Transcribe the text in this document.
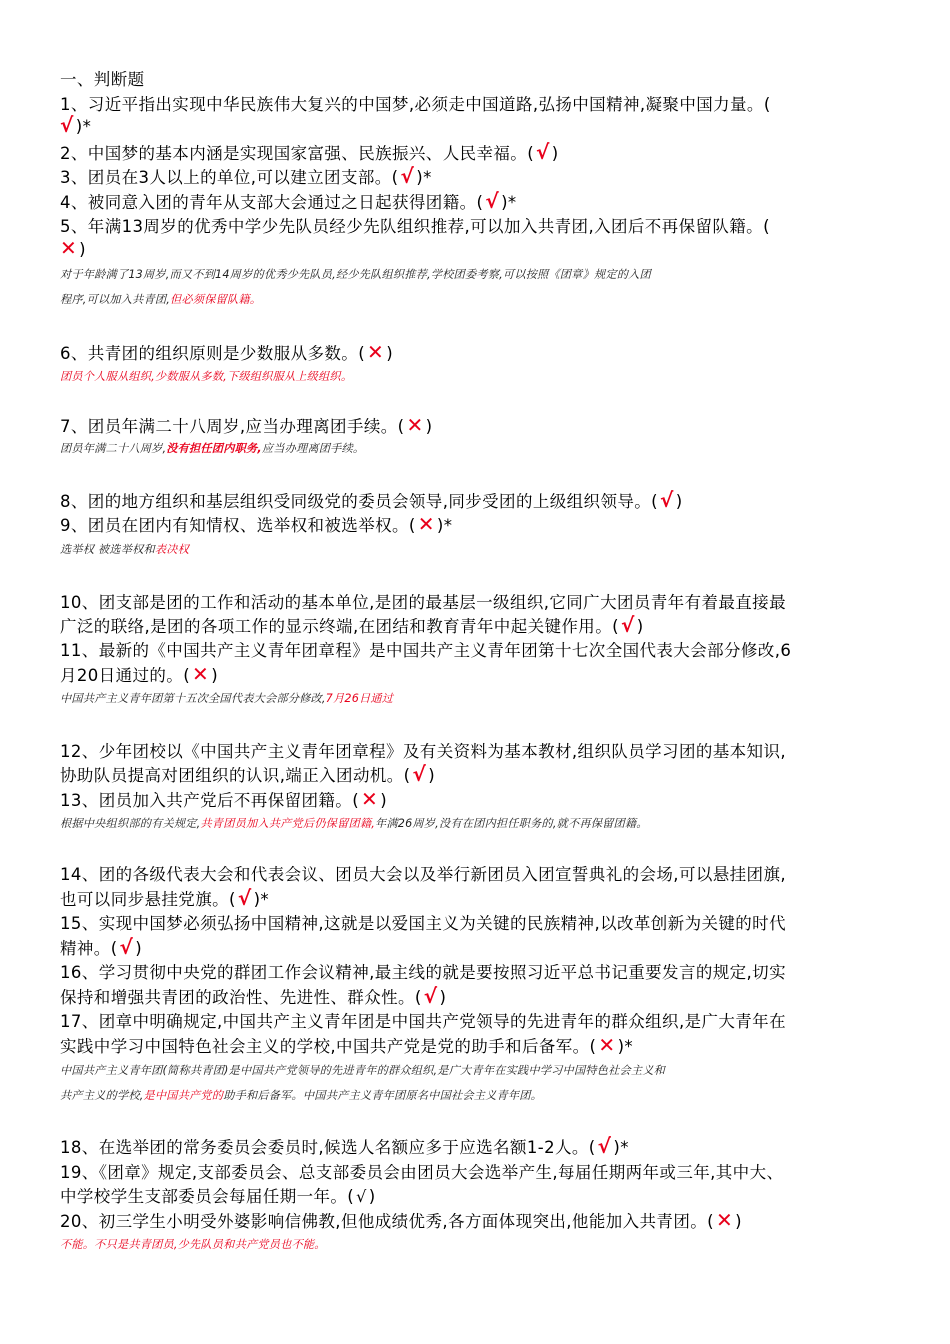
一、判断题
1、习近平指出实现中华民族伟大复兴的中国梦,必须走中国道路,弘扬中国精神,凝聚中国力量。(
√ )*
2、中国梦的基本内涵是实现国家富强、民族振兴、人民幸福。( √ )
3、团员在3人以上的单位,可以建立团支部。( √ )*
4、被同意入团的青年从支部大会通过之日起获得团籍。( √ )*
5、年满13周岁的优秀中学少先队员经少先队组织推荐,可以加入共青团,入团后不再保留队籍。(
✕ )
对于年龄满了13周岁,而又不到14周岁的优秀少先队员,经少先队组织推荐,学校团委考察,可以按照《团章》规定的入团
程序,可以加入共青团,但必须保留队籍。
6、共青团的组织原则是少数服从多数。( ✕ )
团员个人服从组织,少数服从多数,下级组织服从上级组织。
7、团员年满二十八周岁,应当办理离团手续。( ✕ )
团员年满二十八周岁,没有担任团内职务,应当办理离团手续。
8、团的地方组织和基层组织受同级党的委员会领导,同步受团的上级组织领导。( √ )
9、团员在团内有知情权、选举权和被选举权。( ✕ )*
选举权 被选举权和表决权
10、团支部是团的工作和活动的基本单位,是团的最基层一级组织,它同广大团员青年有着最直接最
广泛的联络,是团的各项工作的显示终端,在团结和教育青年中起关键作用。( √ )
11、最新的《中国共产主义青年团章程》是中国共产主义青年团第十七次全国代表大会部分修改,6
月20日通过的。( ✕ )
中国共产主义青年团第十五次全国代表大会部分修改,7月26日通过
12、少年团校以《中国共产主义青年团章程》及有关资料为基本教材,组织队员学习团的基本知识,
协助队员提高对团组织的认识,端正入团动机。( √ )
13、团员加入共产党后不再保留团籍。( ✕ )
根据中央组织部的有关规定,共青团员加入共产党后仍保留团籍,年满26周岁,没有在团内担任职务的,就不再保留团籍。
14、团的各级代表大会和代表会议、团员大会以及举行新团员入团宣誓典礼的会场,可以悬挂团旗,
也可以同步悬挂党旗。( √ )*
15、实现中国梦必须弘扬中国精神,这就是以爱国主义为关键的民族精神,以改革创新为关键的时代
精神。( √ )
16、学习贯彻中央党的群团工作会议精神,最主线的就是要按照习近平总书记重要发言的规定,切实
保持和增强共青团的政治性、先进性、群众性。( √ )
17、团章中明确规定,中国共产主义青年团是中国共产党领导的先进青年的群众组织,是广大青年在
实践中学习中国特色社会主义的学校,中国共产党是党的助手和后备军。( ✕ )*
中国共产主义青年团(简称共青团)是中国共产党领导的先进青年的群众组织,是广大青年在实践中学习中国特色社会主义和
共产主义的学校,是中国共产党的助手和后备军。中国共产主义青年团原名中国社会主义青年团。
18、在选举团的常务委员会委员时,候选人名额应多于应选名额1-2人。( √ )*
19、《团章》规定,支部委员会、总支部委员会由团员大会选举产生,每届任期两年或三年,其中大、
中学校学生支部委员会每届任期一年。( √ )
20、初三学生小明受外婆影响信佛教,但他成绩优秀,各方面体现突出,他能加入共青团。( ✕ )
不能。不只是共青团员,少先队员和共产党员也不能。
